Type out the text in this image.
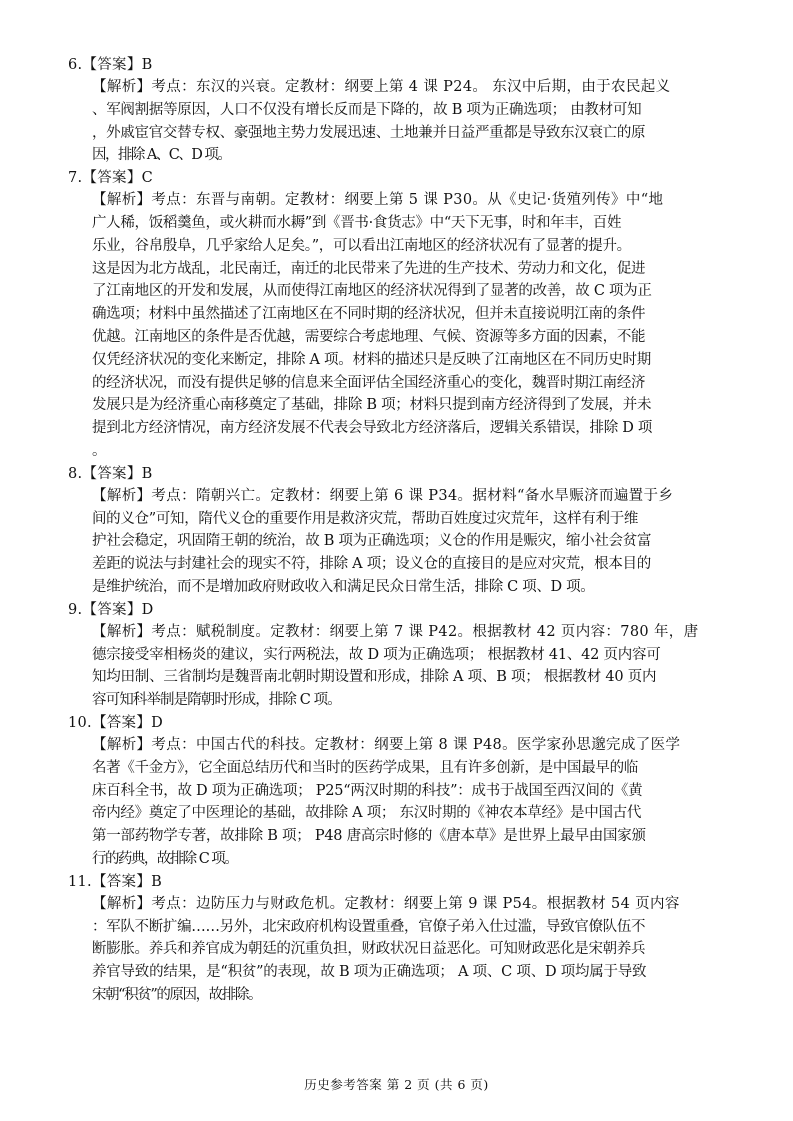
6.【答案】B
【解析】考点：东汉的兴衰。定教材：纲要上第 4 课 P24。 东汉中后期，由于农民起义
、军阀割据等原因，人口不仅没有增长反而是下降的，故 B 项为正确选项； 由教材可知
，外戚宦官交替专权、豪强地主势力发展迅速、土地兼并日益严重都是导致东汉衰亡的原
因，排除 A、C、D 项。
7.【答案】C
【解析】考点：东晋与南朝。定教材：纲要上第 5 课 P30。从《史记·货殖列传》中“地
广人稀，饭稻羹鱼，或火耕而水耨”到《晋书·食货志》中“天下无事，时和年丰，百姓
乐业，谷帛殷阜，几乎家给人足矣。”，可以看出江南地区的经济状况有了显著的提升。
这是因为北方战乱，北民南迁，南迁的北民带来了先进的生产技术、劳动力和文化，促进
了江南地区的开发和发展，从而使得江南地区的经济状况得到了显著的改善，故 C 项为正
确选项；材料中虽然描述了江南地区在不同时期的经济状况，但并未直接说明江南的条件
优越。江南地区的条件是否优越，需要综合考虑地理、气候、资源等多方面的因素，不能
仅凭经济状况的变化来断定，排除 A 项。材料的描述只是反映了江南地区在不同历史时期
的经济状况，而没有提供足够的信息来全面评估全国经济重心的变化，魏晋时期江南经济
发展只是为经济重心南移奠定了基础，排除 B 项；材料只提到南方经济得到了发展，并未
提到北方经济情况，南方经济发展不代表会导致北方经济落后，逻辑关系错误，排除 D 项
8.【答案】B
【解析】考点：隋朝兴亡。定教材：纲要上第 6 课 P34。据材料“备水旱赈济而遍置于乡
间的义仓”可知，隋代义仓的重要作用是救济灾荒，帮助百姓度过灾荒年，这样有利于维
护社会稳定，巩固隋王朝的统治，故 B 项为正确选项；义仓的作用是赈灾，缩小社会贫富
差距的说法与封建社会的现实不符，排除 A 项；设义仓的直接目的是应对灾荒，根本目的
是维护统治，而不是增加政府财政收入和满足民众日常生活，排除 C 项、D 项。
9.【答案】D
【解析】考点：赋税制度。定教材：纲要上第 7 课 P42。根据教材 42 页内容：780 年，唐
德宗接受宰相杨炎的建议，实行两税法，故 D 项为正确选项； 根据教材 41、42 页内容可
知均田制、三省制均是魏晋南北朝时期设置和形成，排除 A 项、B 项； 根据教材 40 页内
容可知科举制是隋朝时形成，排除 C 项。
10.【答案】D
【解析】考点：中国古代的科技。定教材：纲要上第 8 课 P48。医学家孙思邈完成了医学
名著《千金方》，它全面总结历代和当时的医药学成果，且有许多创新，是中国最早的临
床百科全书，故 D 项为正确选项； P25“两汉时期的科技”：成书于战国至西汉间的《黄
帝内经》奠定了中医理论的基础，故排除 A 项； 东汉时期的《神农本草经》是中国古代
第一部药物学专著，故排除 B 项； P48 唐高宗时修的《唐本草》是世界上最早由国家颁
行的药典，故排除 C 项。
11.【答案】B
【解析】考点：边防压力与财政危机。定教材：纲要上第 9 课 P54。根据教材 54 页内容
：军队不断扩编……另外，北宋政府机构设置重叠，官僚子弟入仕过滥，导致官僚队伍不
断膨胀。养兵和养官成为朝廷的沉重负担，财政状况日益恶化。可知财政恶化是宋朝养兵
养官导致的结果，是“积贫”的表现，故 B 项为正确选项； A 项、C 项、D 项均属于导致
宋朝“积贫”的原因，故排除。
历史参考答案 第 2 页 (共 6 页)
